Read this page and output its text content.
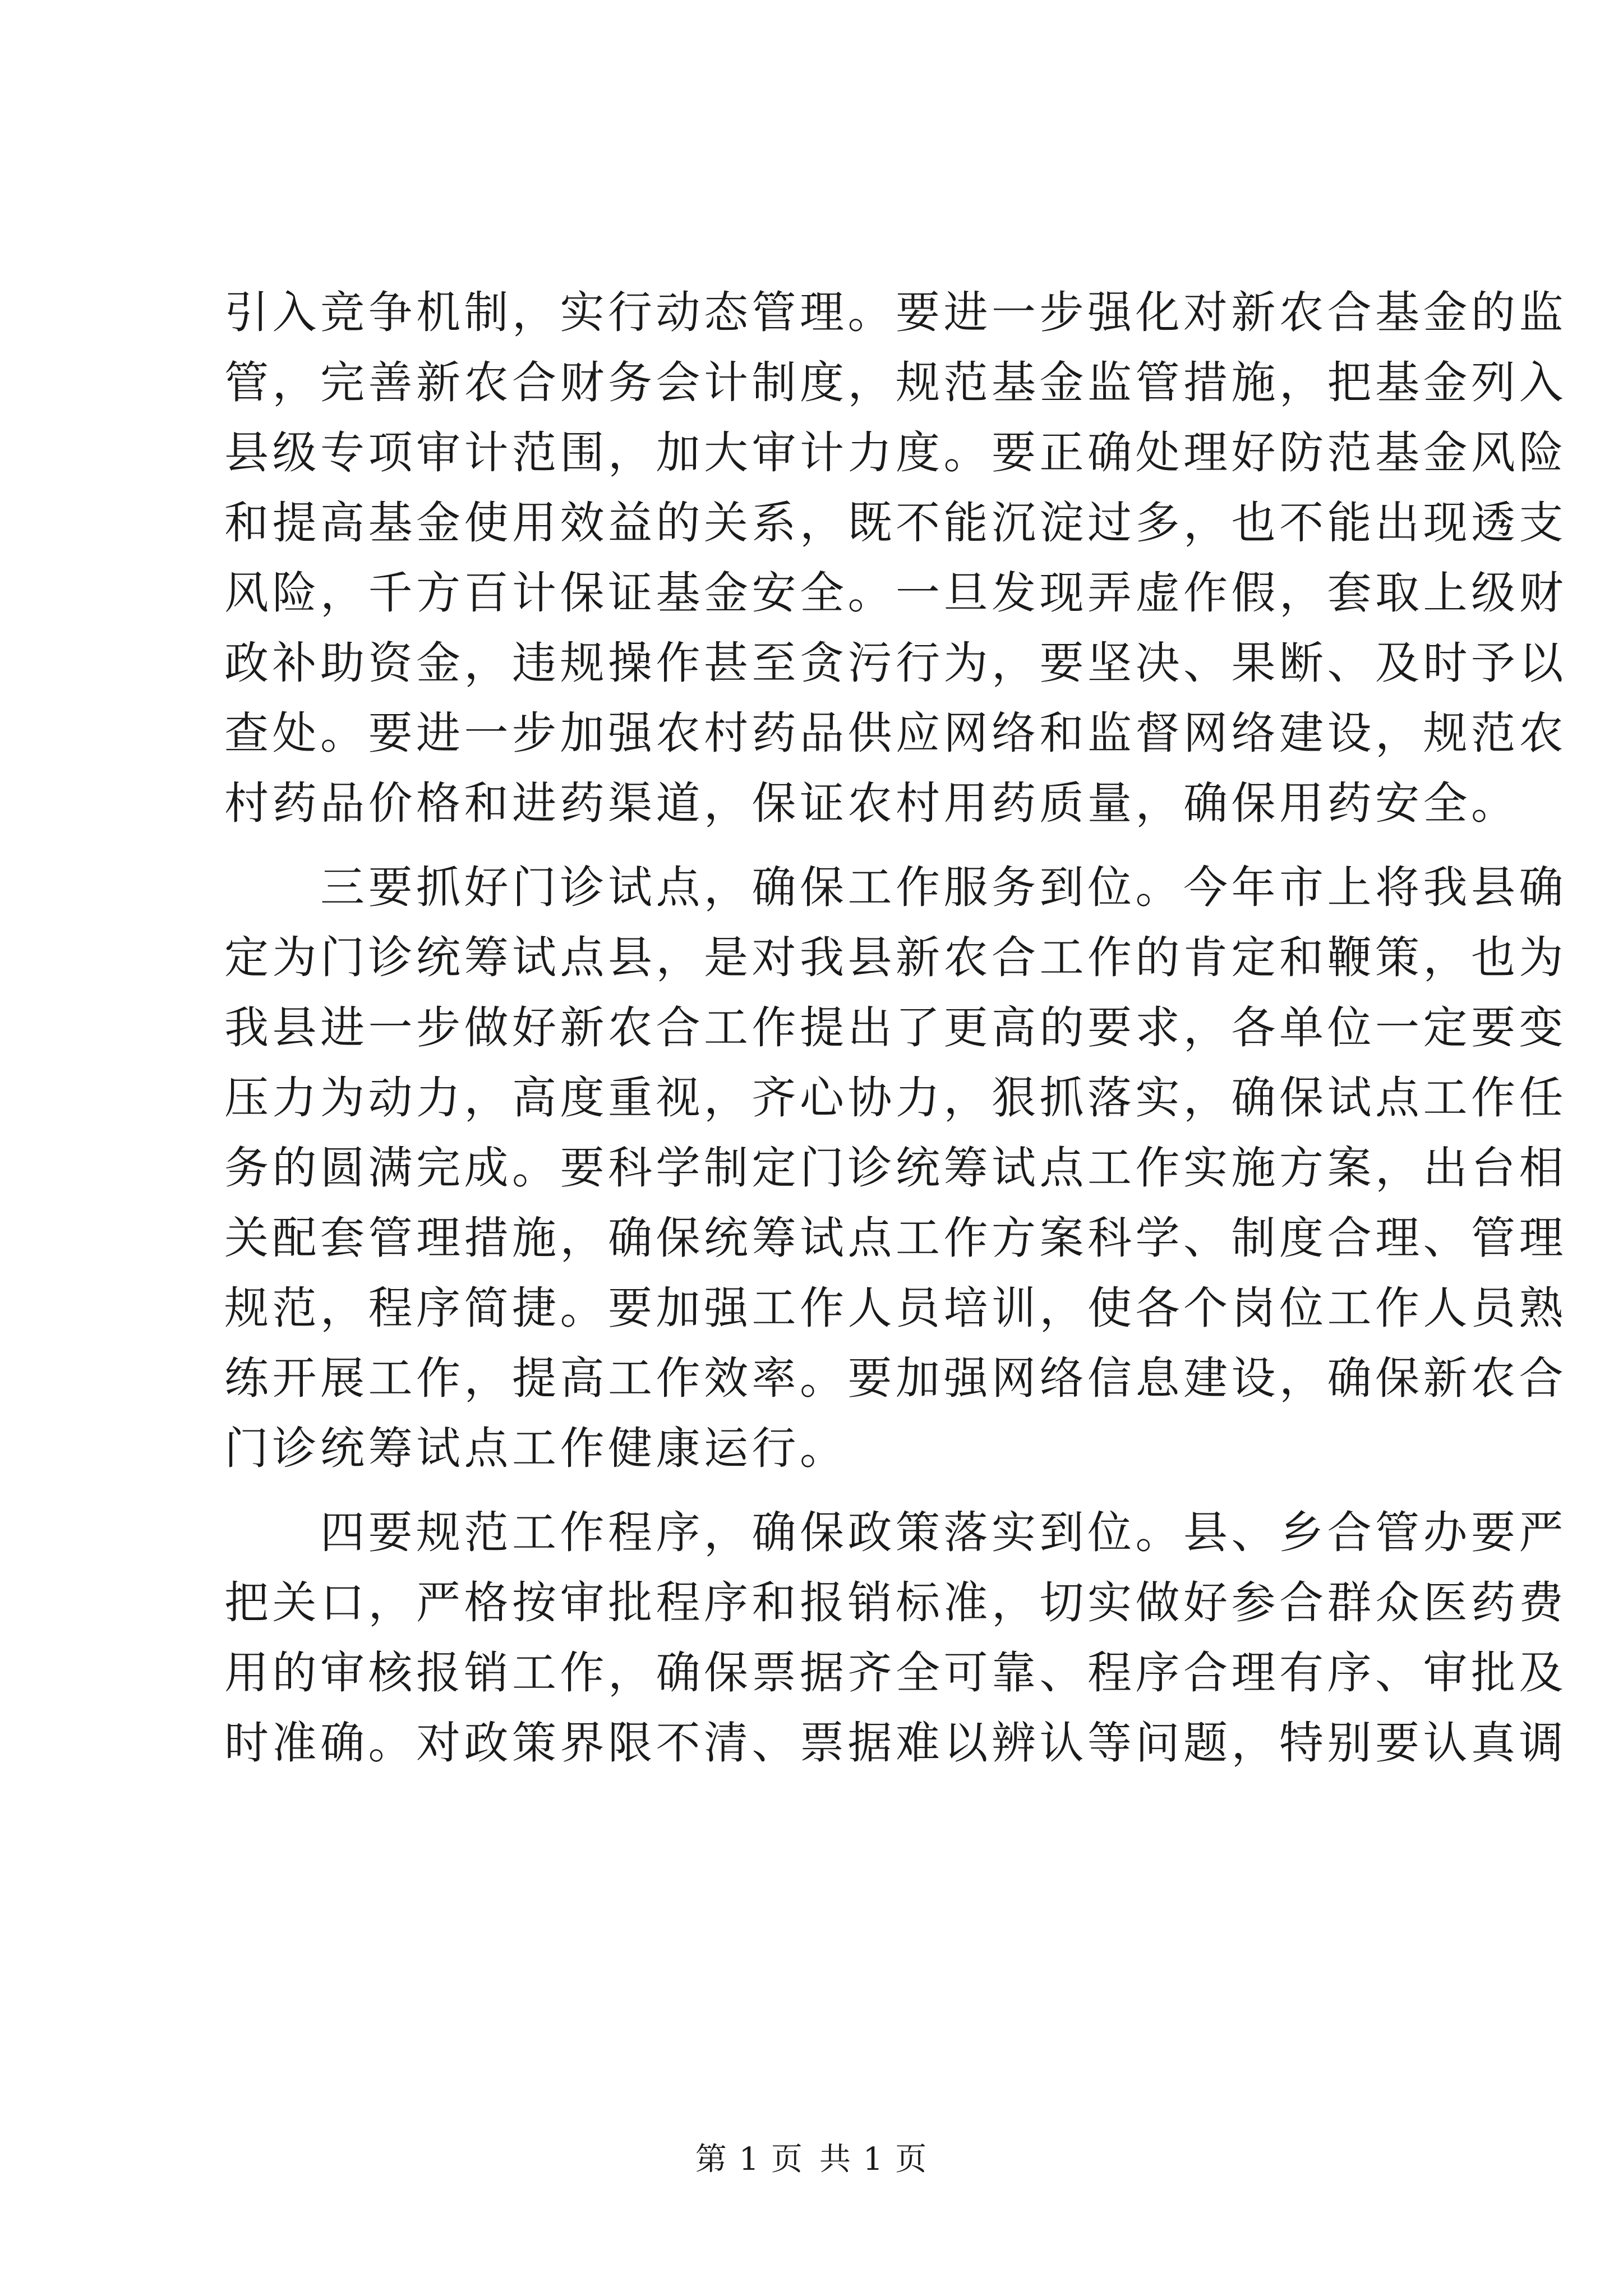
引入竞争机制，实行动态管理。要进一步强化对新农合基金的监
管，完善新农合财务会计制度，规范基金监管措施，把基金列入
县级专项审计范围，加大审计力度。要正确处理好防范基金风险
和提高基金使用效益的关系，既不能沉淀过多，也不能出现透支
风险，千方百计保证基金安全。一旦发现弄虚作假，套取上级财
政补助资金，违规操作甚至贪污行为，要坚决、果断、及时予以
查处。要进一步加强农村药品供应网络和监督网络建设，规范农
村药品价格和进药渠道，保证农村用药质量，确保用药安全。
　　三要抓好门诊试点，确保工作服务到位。今年市上将我县确
定为门诊统筹试点县，是对我县新农合工作的肯定和鞭策，也为
我县进一步做好新农合工作提出了更高的要求，各单位一定要变
压力为动力，高度重视，齐心协力，狠抓落实，确保试点工作任
务的圆满完成。要科学制定门诊统筹试点工作实施方案，出台相
关配套管理措施，确保统筹试点工作方案科学、制度合理、管理
规范，程序简捷。要加强工作人员培训，使各个岗位工作人员熟
练开展工作，提高工作效率。要加强网络信息建设，确保新农合
门诊统筹试点工作健康运行。
　　四要规范工作程序，确保政策落实到位。县、乡合管办要严
把关口，严格按审批程序和报销标准，切实做好参合群众医药费
用的审核报销工作，确保票据齐全可靠、程序合理有序、审批及
时准确。对政策界限不清、票据难以辨认等问题，特别要认真调
第 1 页 共 1 页
